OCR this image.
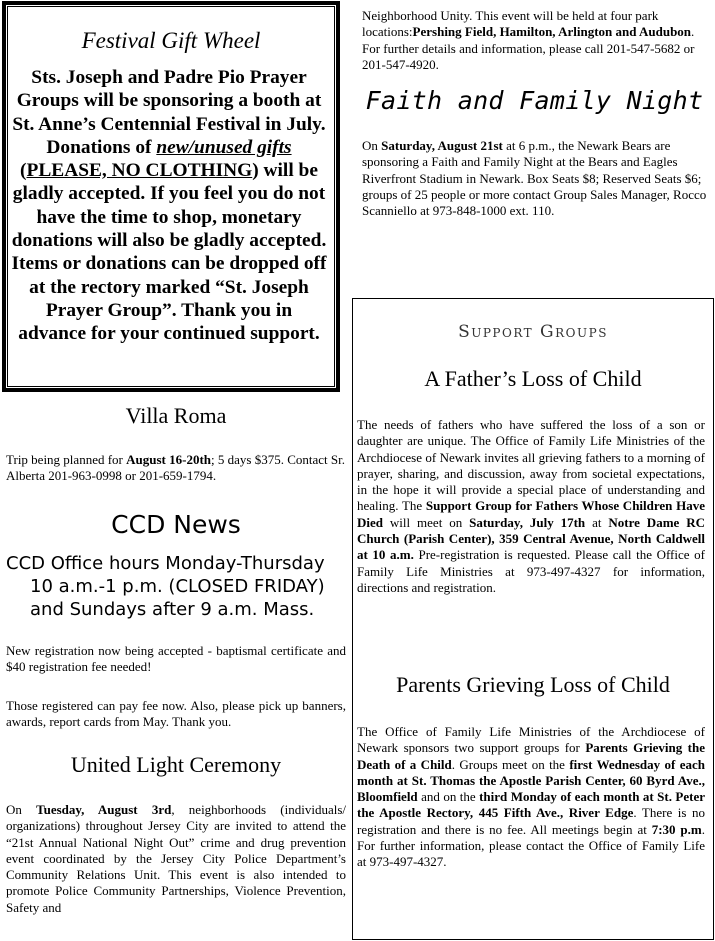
Festival Gift Wheel

Sts. Joseph and Padre Pio Prayer Groups will be sponsoring a booth at St. Anne’s Centennial Festival in July. Donations of new/unused gifts (PLEASE, NO CLOTHING) will be gladly accepted. If you feel you do not have the time to shop, monetary donations will also be gladly accepted. Items or donations can be dropped off at the rectory marked “St. Joseph Prayer Group”. Thank you in advance for your continued support.

Villa Roma

Trip being planned for August 16-20th; 5 days $375. Contact Sr. Alberta 201-963-0998 or 201-659-1794.

CCD News

CCD Office hours Monday-Thursday
10 a.m.-1 p.m. (CLOSED FRIDAY)
and Sundays after 9 a.m. Mass.

New registration now being accepted - baptismal certificate and $40 registration fee needed!

Those registered can pay fee now. Also, please pick up banners, awards, report cards from May. Thank you.

United Light Ceremony

On Tuesday, August 3rd, neighborhoods (individuals/ organizations) throughout Jersey City are invited to attend the “21st Annual National Night Out” crime and drug prevention event coordinated by the Jersey City Police Department’s Community Relations Unit. This event is also intended to promote Police Community Partnerships, Violence Prevention, Safety and

Neighborhood Unity. This event will be held at four park locations:Pershing Field, Hamilton, Arlington and Audubon. For further details and information, please call 201-547-5682 or 201-547-4920.

Faith and Family Night

On Saturday, August 21st at 6 p.m., the Newark Bears are sponsoring a Faith and Family Night at the Bears and Eagles Riverfront Stadium in Newark. Box Seats $8; Reserved Seats $6; groups of 25 people or more contact Group Sales Manager, Rocco Scanniello at 973-848-1000 ext. 110.

Support Groups
A Father’s Loss of Child

The needs of fathers who have suffered the loss of a son or daughter are unique. The Office of Family Life Ministries of the Archdiocese of Newark invites all grieving fathers to a morning of prayer, sharing, and discussion, away from societal expectations, in the hope it will provide a special place of understanding and healing. The Support Group for Fathers Whose Children Have Died will meet on Saturday, July 17th at Notre Dame RC Church (Parish Center), 359 Central Avenue, North Caldwell at 10 a.m. Pre-registration is requested. Please call the Office of Family Life Ministries at 973-497-4327 for information, directions and registration.

Parents Grieving Loss of Child

The Office of Family Life Ministries of the Archdiocese of Newark sponsors two support groups for Parents Grieving the Death of a Child. Groups meet on the first Wednesday of each month at St. Thomas the Apostle Parish Center, 60 Byrd Ave., Bloomfield and on the third Monday of each month at St. Peter the Apostle Rectory, 445 Fifth Ave., River Edge. There is no registration and there is no fee. All meetings begin at 7:30 p.m. For further information, please contact the Office of Family Life at 973-497-4327.
